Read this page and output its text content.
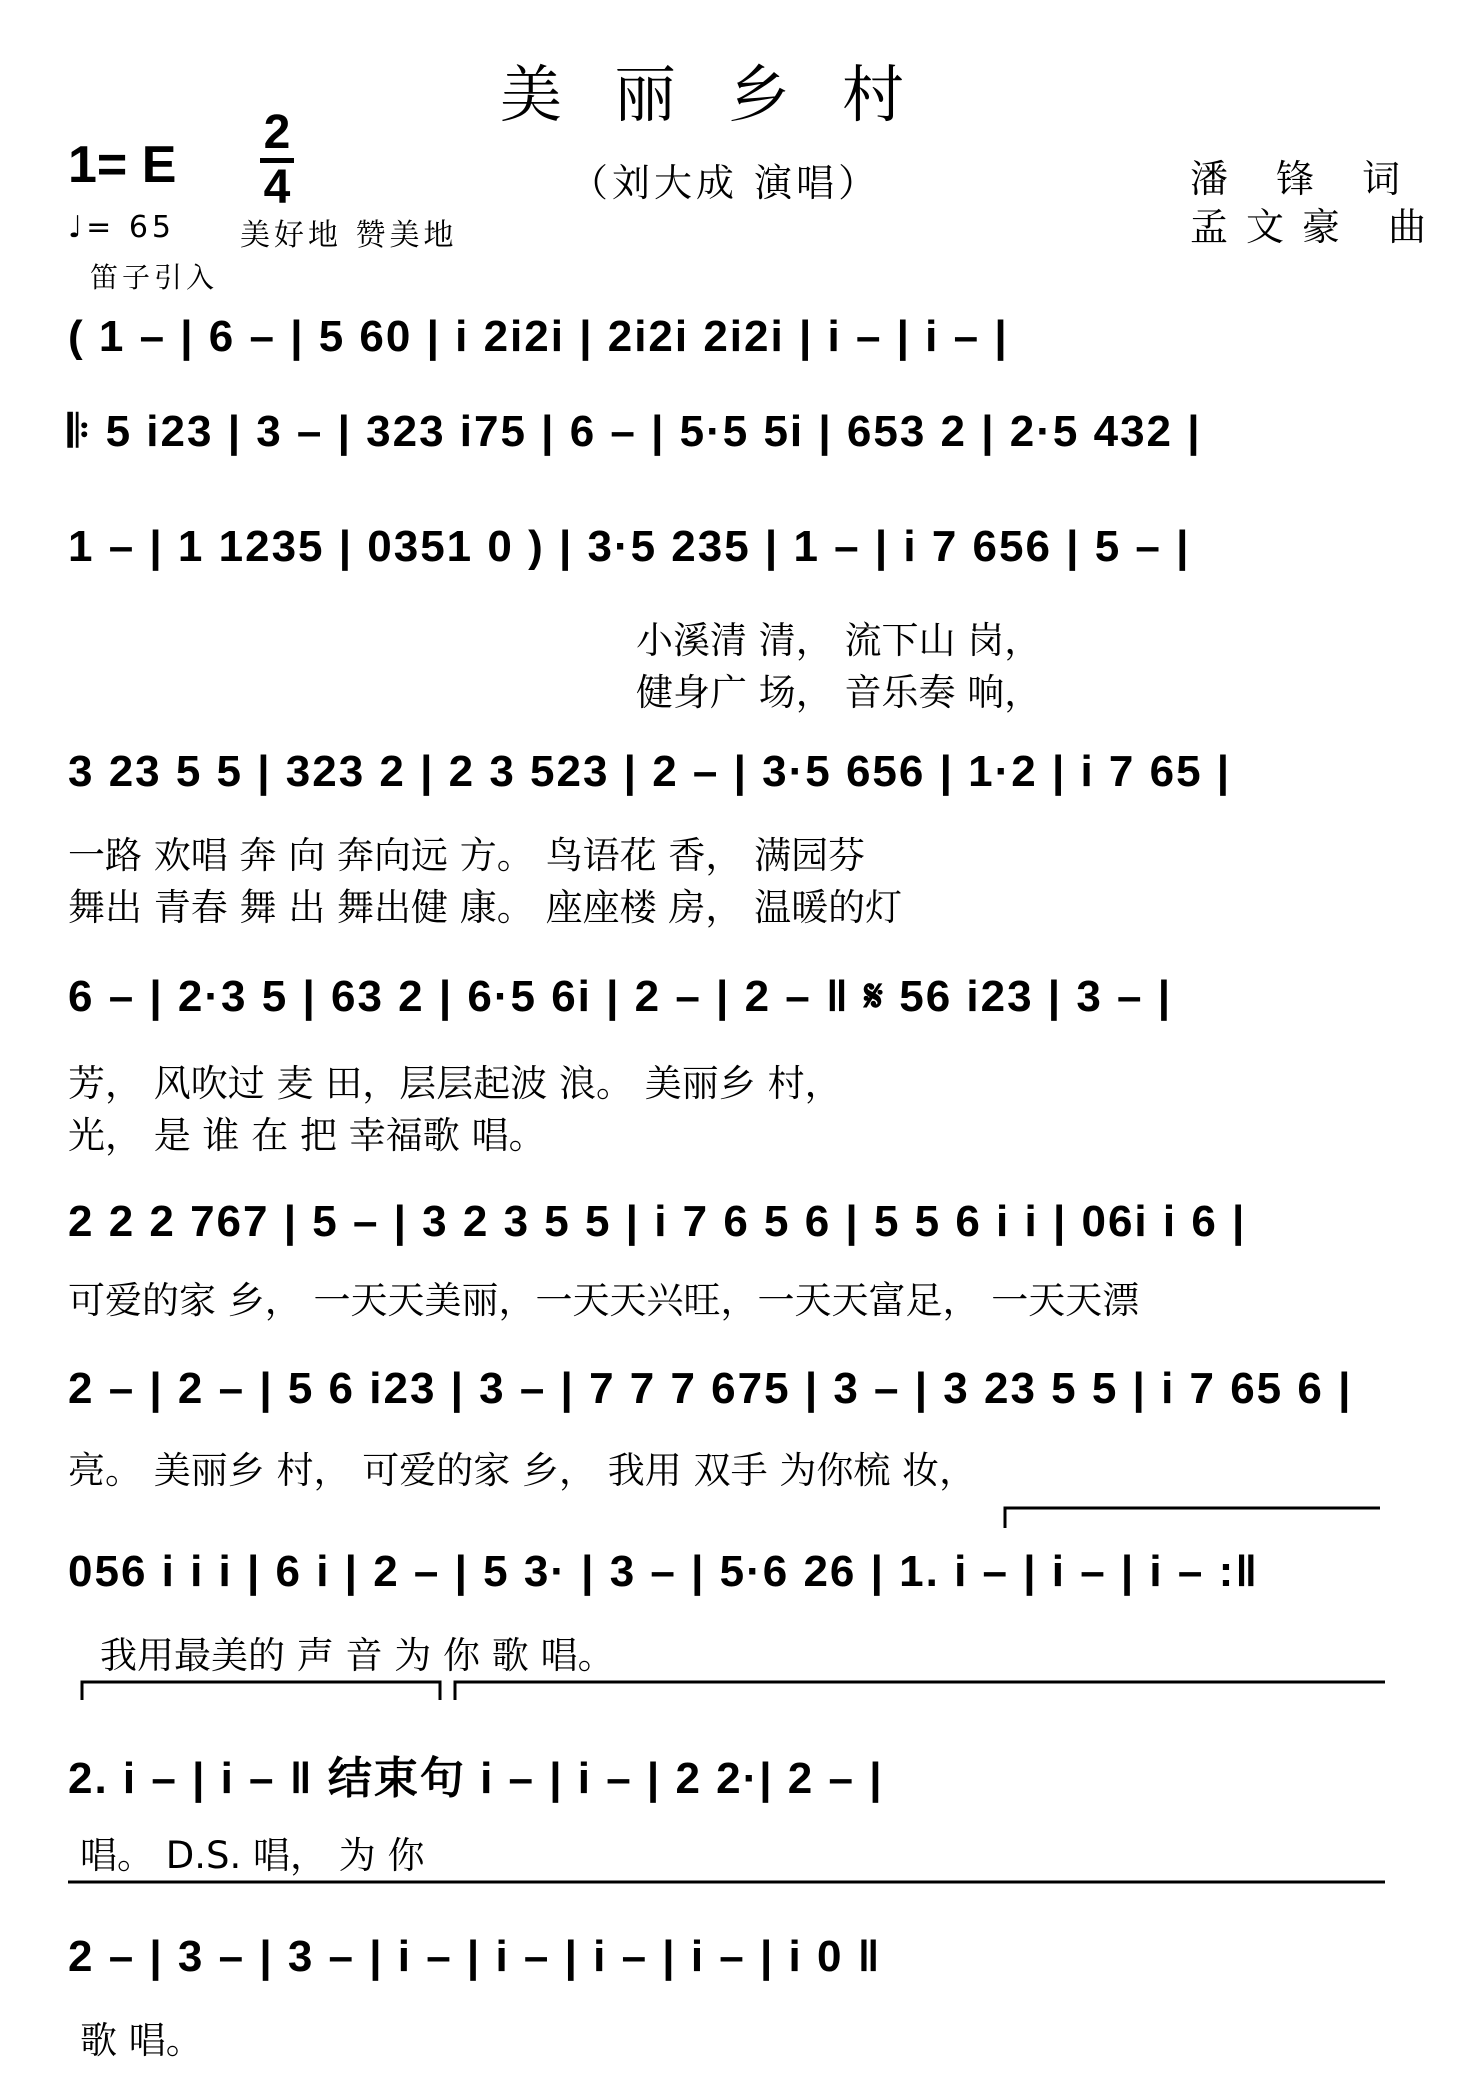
美丽乡村
1= E
2
4	（刘大成 演唱）	潘 锋 词
孟文豪 曲
♩= 65 美好地 赞美地
笛子引入
( 1 – | 6 – | 5 60 | i 2i2i | 2i2i 2i2i | i – | i – |
𝄆 5 i23 | 3 – | 323 i75 | 6 – | 5·5 5i | 653 2 | 2·5 432 |
1 – | 1 1235 | 0351 0 ) | 3·5 235 | 1 – | i 7 656 | 5 – |
小溪清 清， 流下山 岗，
健身广 场， 音乐奏 响，
3 23 5 5 | 323 2 | 2 3 523 | 2 – | 3·5 656 | 1·2 | i 7 65 |
一路 欢唱 奔 向 奔向远 方。 鸟语花 香， 满园芬
舞出 青春 舞 出 舞出健 康。 座座楼 房， 温暖的灯
6 – | 2·3 5 | 63 2 | 6·5 6i | 2 – | 2 – ‖ 𝄋 56 i23 | 3 – |
芳， 风吹过 麦 田，层层起波 浪。 美丽乡 村，
光， 是 谁 在 把 幸福歌 唱。
2 2 2 767 | 5 – | 3 2 3 5 5 | i 7 6 5 6 | 5 5 6 i i | 06i i 6 |
可爱的家 乡， 一天天美丽，一天天兴旺，一天天富足， 一天天漂
2 – | 2 – | 5 6 i23 | 3 – | 7 7 7 675 | 3 – | 3 23 5 5 | i 7 65 6 |
亮。 美丽乡 村， 可爱的家 乡， 我用 双手 为你梳 妆，
056 i i i | 6 i | 2 – | 5 3· | 3 – | 5·6 26 | 1. i – | i – | i – :‖
我用最美的 声 音 为 你 歌 唱。
2. i – | i – ‖ 结束句 i – | i – | 2 2·| 2 – |
唱。 D.S. 唱， 为 你
2 – | 3 – | 3 – | i – | i – | i – | i – | i 0 ‖
歌 唱。
